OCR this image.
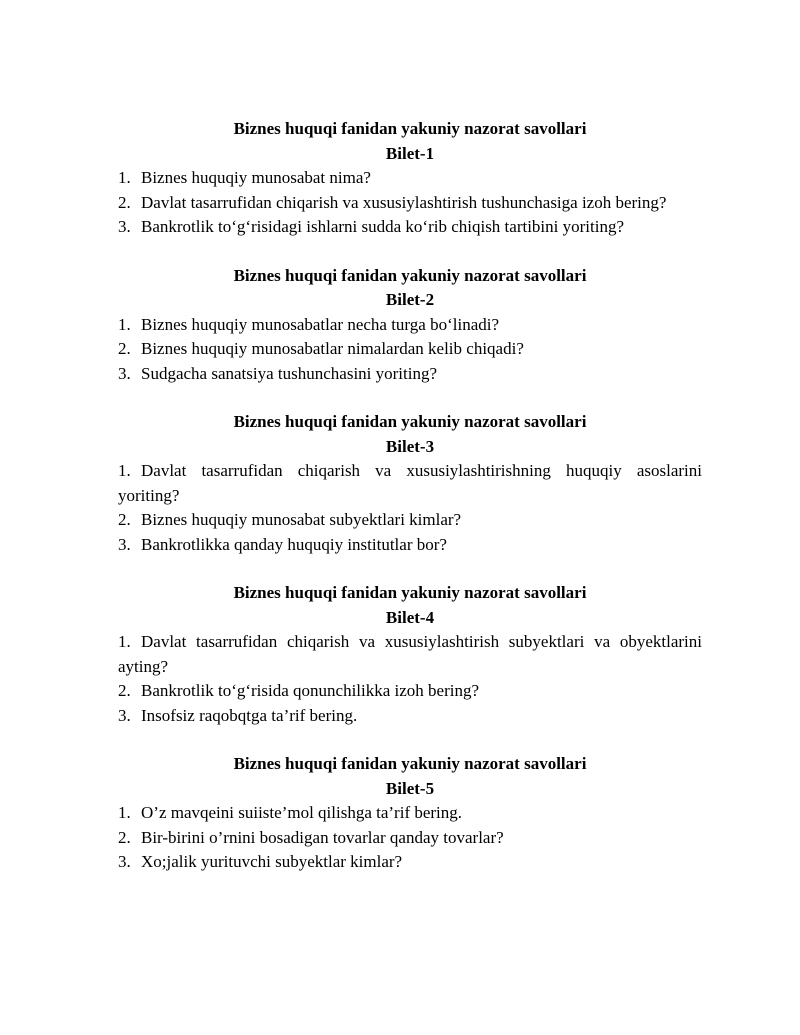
Biznes huquqi fanidan yakuniy nazorat savollari
Bilet-1
1. Biznes huquqiy munosabat nima?
2. Davlat tasarrufidan chiqarish va xususiylashtirish tushunchasiga izoh bering?
3. Bankrotlik to‘g‘risidagi ishlarni sudda ko‘rib chiqish tartibini yoriting?
Biznes huquqi fanidan yakuniy nazorat savollari
Bilet-2
1. Biznes huquqiy munosabatlar necha turga bo‘linadi?
2. Biznes huquqiy munosabatlar nimalardan kelib chiqadi?
3. Sudgacha sanatsiya tushunchasini yoriting?
Biznes huquqi fanidan yakuniy nazorat savollari
Bilet-3
1. Davlat tasarrufidan chiqarish va xususiylashtirishning huquqiy asoslarini yoriting?
2. Biznes huquqiy munosabat subyektlari kimlar?
3. Bankrotlikka qanday huquqiy institutlar bor?
Biznes huquqi fanidan yakuniy nazorat savollari
Bilet-4
1. Davlat tasarrufidan chiqarish va xususiylashtirish subyektlari va obyektlarini ayting?
2. Bankrotlik to‘g‘risida qonunchilikka izoh bering?
3. Insofsiz raqobqtga ta’rif bering.
Biznes huquqi fanidan yakuniy nazorat savollari
Bilet-5
1. O’z mavqeini suiiste’mol qilishga ta’rif bering.
2. Bir-birini o’rnini bosadigan tovarlar qanday tovarlar?
3. Xo;jalik yurituvchi subyektlar kimlar?
